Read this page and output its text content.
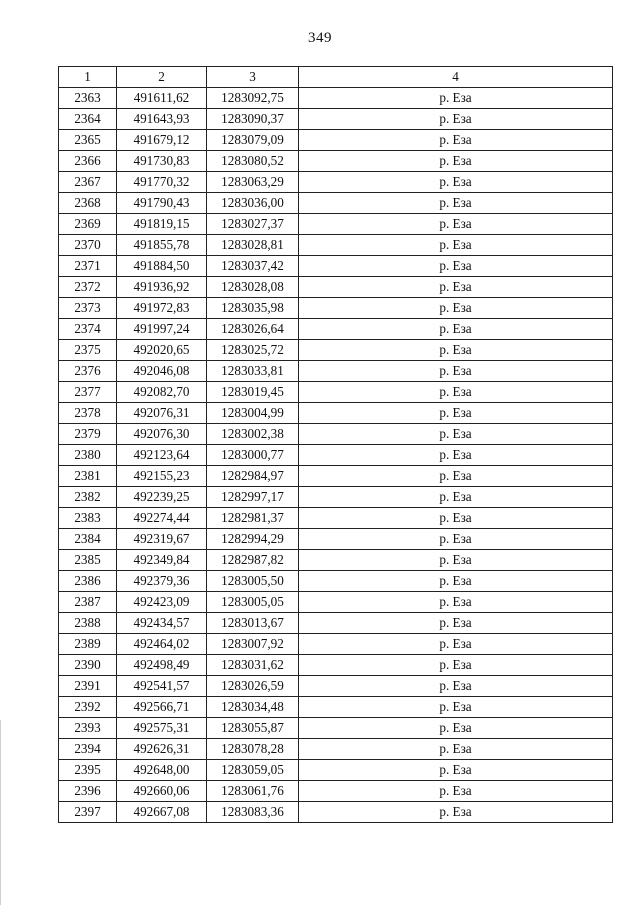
349
1	2	3	4
2363	491611,62	1283092,75	р. Еза
2364	491643,93	1283090,37	р. Еза
2365	491679,12	1283079,09	р. Еза
2366	491730,83	1283080,52	р. Еза
2367	491770,32	1283063,29	р. Еза
2368	491790,43	1283036,00	р. Еза
2369	491819,15	1283027,37	р. Еза
2370	491855,78	1283028,81	р. Еза
2371	491884,50	1283037,42	р. Еза
2372	491936,92	1283028,08	р. Еза
2373	491972,83	1283035,98	р. Еза
2374	491997,24	1283026,64	р. Еза
2375	492020,65	1283025,72	р. Еза
2376	492046,08	1283033,81	р. Еза
2377	492082,70	1283019,45	р. Еза
2378	492076,31	1283004,99	р. Еза
2379	492076,30	1283002,38	р. Еза
2380	492123,64	1283000,77	р. Еза
2381	492155,23	1282984,97	р. Еза
2382	492239,25	1282997,17	р. Еза
2383	492274,44	1282981,37	р. Еза
2384	492319,67	1282994,29	р. Еза
2385	492349,84	1282987,82	р. Еза
2386	492379,36	1283005,50	р. Еза
2387	492423,09	1283005,05	р. Еза
2388	492434,57	1283013,67	р. Еза
2389	492464,02	1283007,92	р. Еза
2390	492498,49	1283031,62	р. Еза
2391	492541,57	1283026,59	р. Еза
2392	492566,71	1283034,48	р. Еза
2393	492575,31	1283055,87	р. Еза
2394	492626,31	1283078,28	р. Еза
2395	492648,00	1283059,05	р. Еза
2396	492660,06	1283061,76	р. Еза
2397	492667,08	1283083,36	р. Еза
